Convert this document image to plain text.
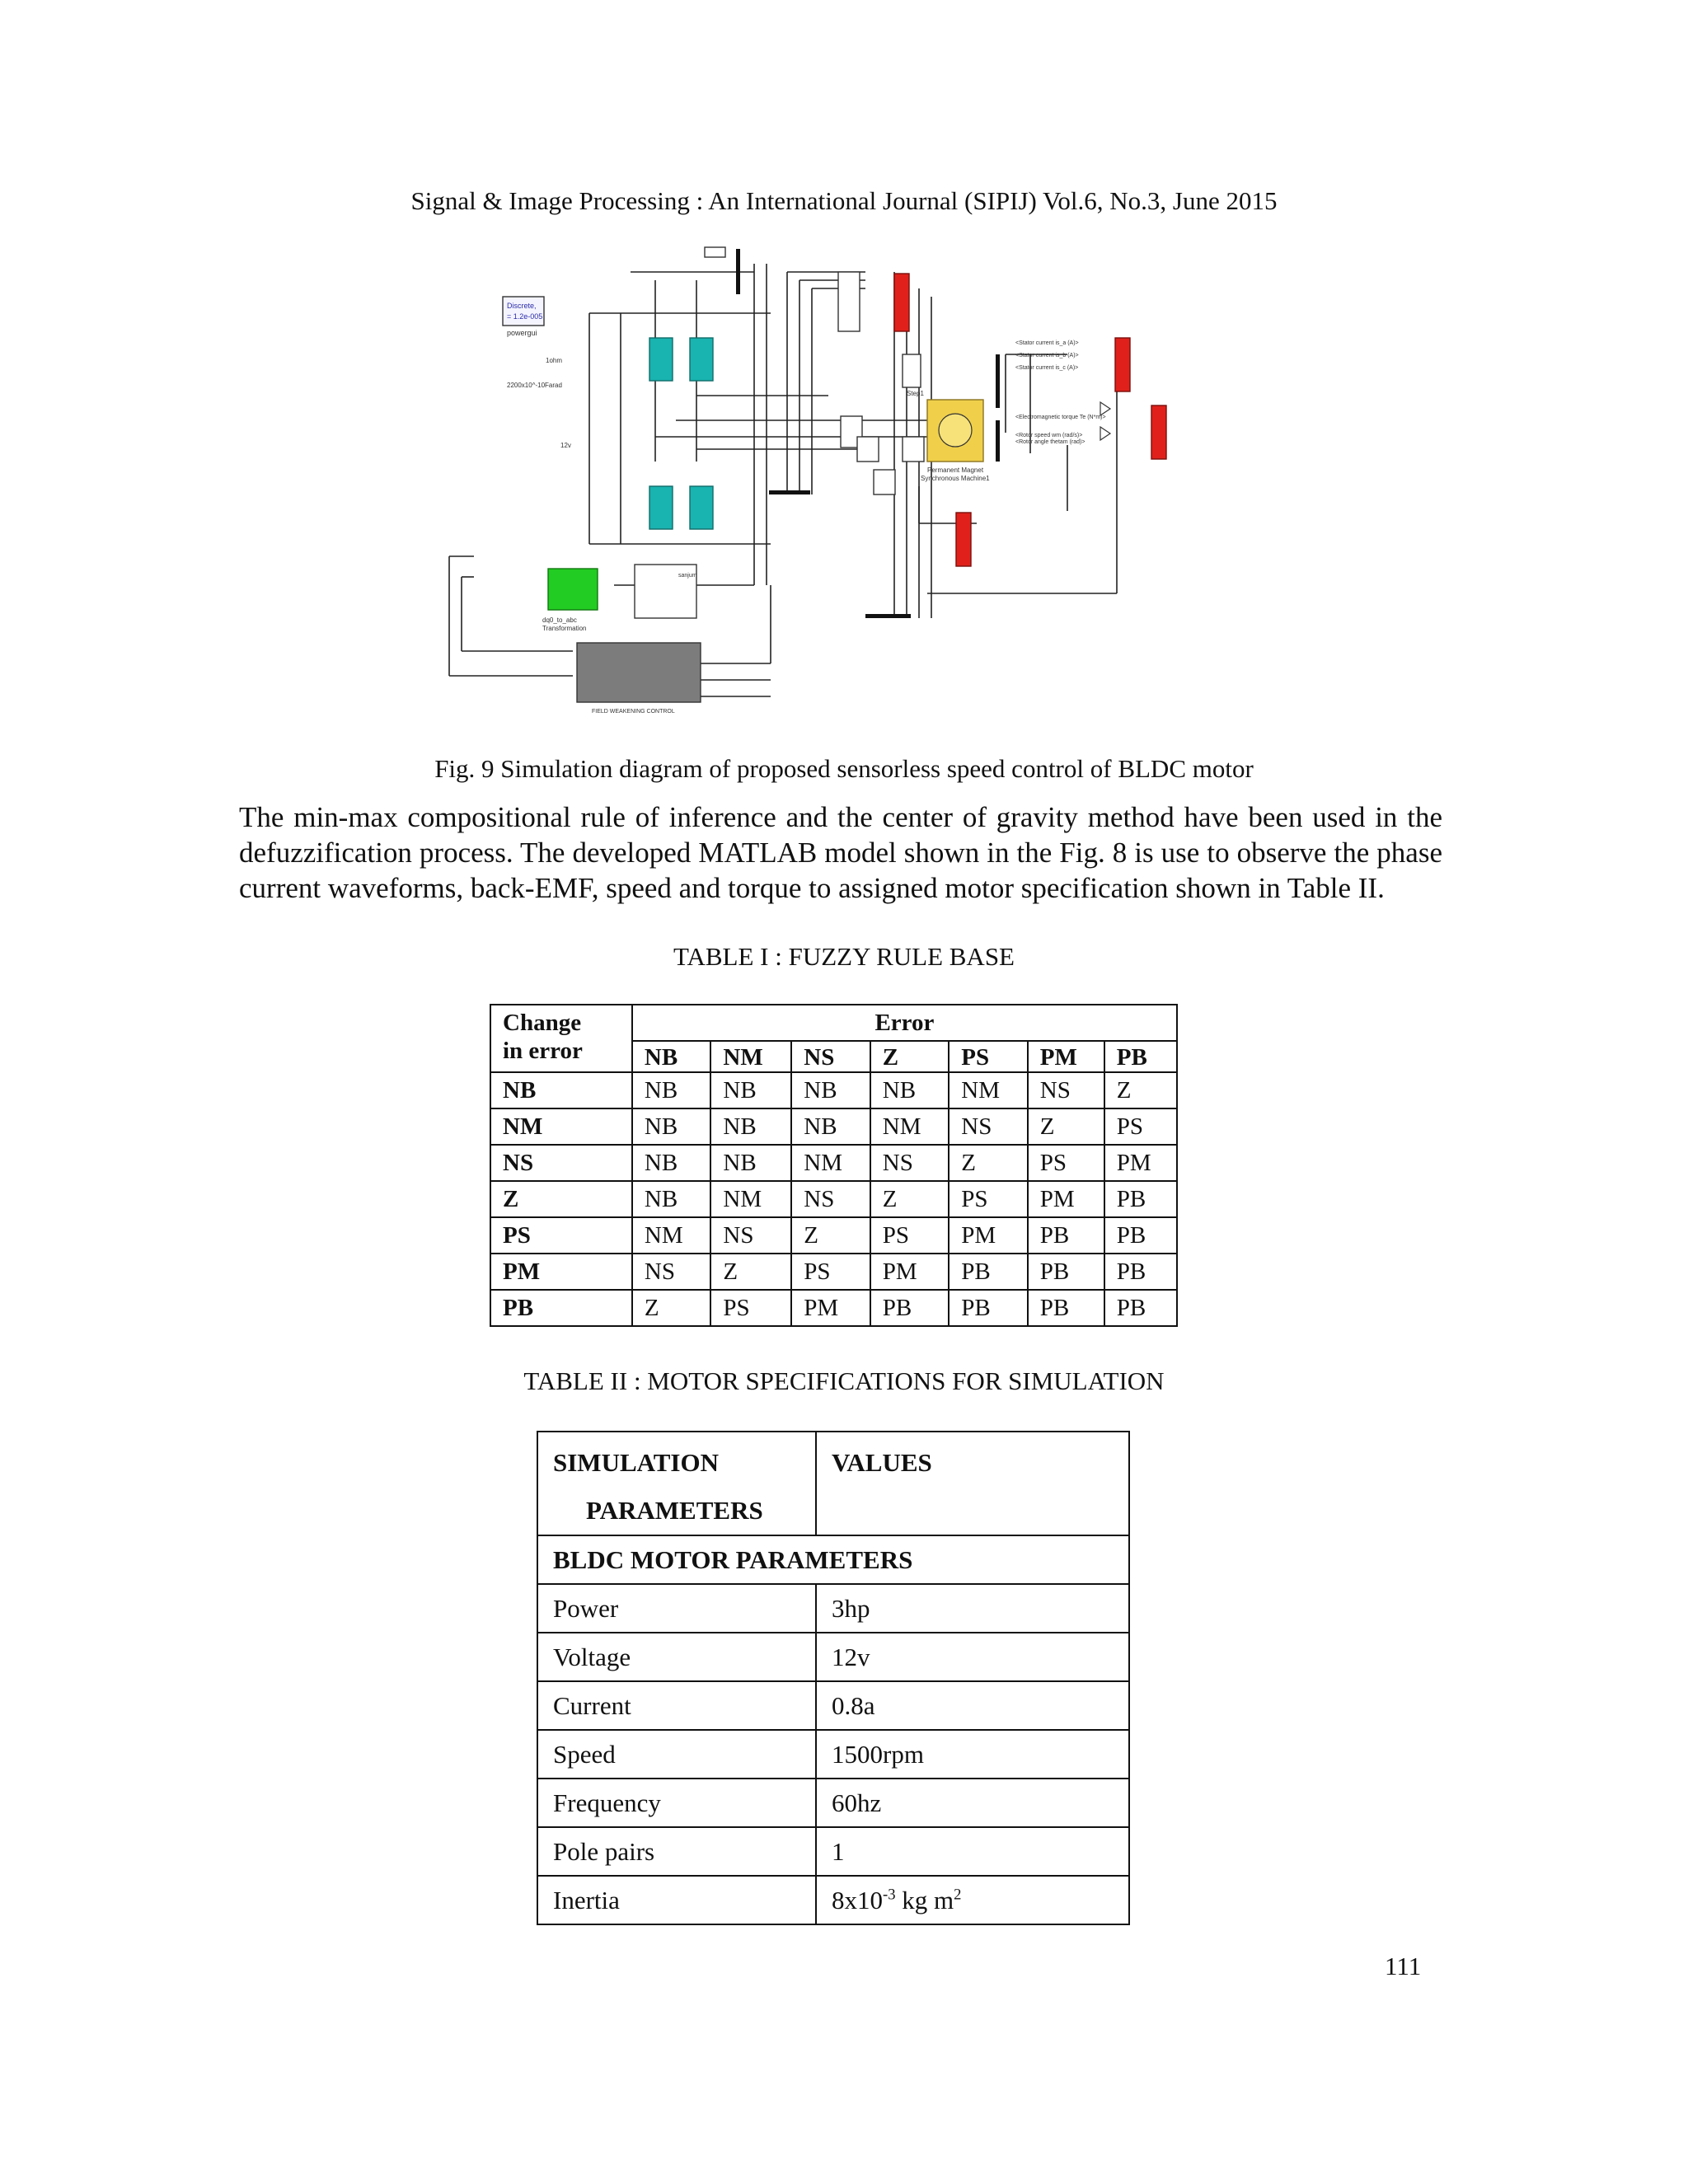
Signal & Image Processing : An International Journal (SIPIJ) Vol.6, No.3, June 2015
Discrete,
= 1.2e-005
powergui
1ohm
2200x10^-10Farad
12v
Step1
sanjum
Permanent Magnet
Synchronous Machine1
<Stator current is_a (A)>
<Stator current is_b (A)>
<Stator current is_c (A)>
<Electromagnetic torque Te (N*m)>
<Rotor speed wm (rad/s)>
<Rotor angle thetam (rad)>
dq0_to_abc
Transformation
FIELD WEAKENING CONTROL
Fig. 9 Simulation diagram of proposed sensorless speed control of BLDC motor

The min-max compositional rule of inference and the center of gravity method have been used in the defuzzification process. The developed MATLAB model shown in the Fig. 8 is use to observe the phase current waveforms, back-EMF, speed and torque to assigned motor specification shown in Table II.

TABLE I : FUZZY RULE BASE
Change
in error	Error						
	NB	NM	NS	Z	PS	PM	PB
NB	NB	NB	NB	NB	NM	NS	Z
NM	NB	NB	NB	NM	NS	Z	PS
NS	NB	NB	NM	NS	Z	PS	PM
Z	NB	NM	NS	Z	PS	PM	PB
PS	NM	NS	Z	PS	PM	PB	PB
PM	NS	Z	PS	PM	PB	PB	PB
PB	Z	PS	PM	PB	PB	PB	PB
TABLE II : MOTOR SPECIFICATIONS FOR SIMULATION
SIMULATION
PARAMETERS	VALUES
BLDC MOTOR PARAMETERS	
Power	3hp
Voltage	12v
Current	0.8a
Speed	1500rpm
Frequency	60hz
Pole pairs	1
Inertia	$8x10^{-3}$ kg $m^2$
111
